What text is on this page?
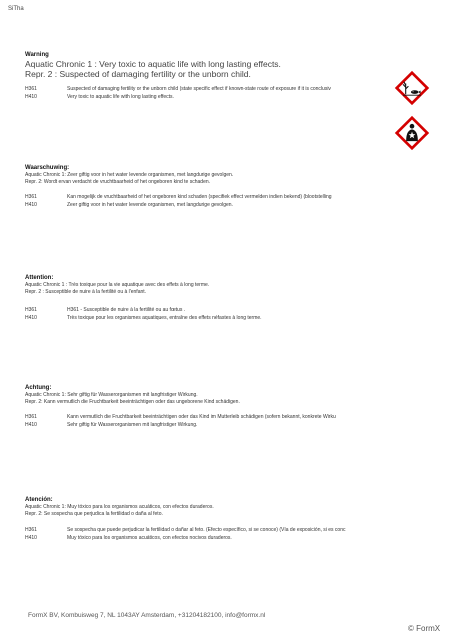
SiTha
Warning
Aquatic Chronic 1 : Very toxic to aquatic life with long lasting effects.
Repr. 2 : Suspected of damaging fertility or the unborn child.
H361	Suspected of damaging fertility or the unborn child (state specific effect if known-state route of exposure if it is conclusiv
H410	Very toxic to aquatic life with long lasting effects.
Waarschuwing:
Aquatic Chronic 1: Zeer giftig voor in het water levende organismen, met langdurige gevolgen.
Repr. 2: Wordt ervan verdacht de vruchtbaarheid of het ongeboren kind te schaden.
H361	Kan mogelijk de vruchtbaarheid of het ongeboren kind schaden (specifiek effect vermelden indien bekend) (blootstelling
H410	Zeer giftig voor in het water levende organismen, met langdurige gevolgen.
Attention:
Aquatic Chronic 1 : Très toxique pour la vie aquatique avec des effets à long terme.
Repr. 2 : Susceptible de nuire à la fertilité ou à l'enfant.
H361	H361 - Susceptible de nuire à la fertilité ou au fœtus .
H410	Très toxique pour les organismes aquatiques, entraîne des effets néfastes à long terme.
Achtung:
Aquatic Chronic 1: Sehr giftig für Wasserorganismen mit langfristiger Wirkung.
Repr. 2: Kann vermutlich die Fruchtbarkeit beeinträchtigen oder das ungeborene Kind schädigen.
H361	Kann vermutlich die Fruchtbarkeit beeinträchtigen oder das Kind im Mutterleib schädigen (sofern bekannt, konkrete Wirku
H410	Sehr giftig für Wasserorganismen mit langfristiger Wirkung.
Atención:
Aquatic Chronic 1: Muy tóxico para los organismos acuáticos, con efectos duraderos.
Repr. 2: Se sospecha que perjudica la fertilidad o daña al feto.
H361	Se sospecha que puede perjudicar la fertilidad o dañar al feto. (Efecto específico, si se conoce) (Vía de exposición, si es conc
H410	Muy tóxico para los organismos acuáticos, con efectos nocivos duraderos.

FormX BV, Kombuisweg 7, NL 1043AY Amsterdam, +31204182100, info@formx.nl
© FormX
